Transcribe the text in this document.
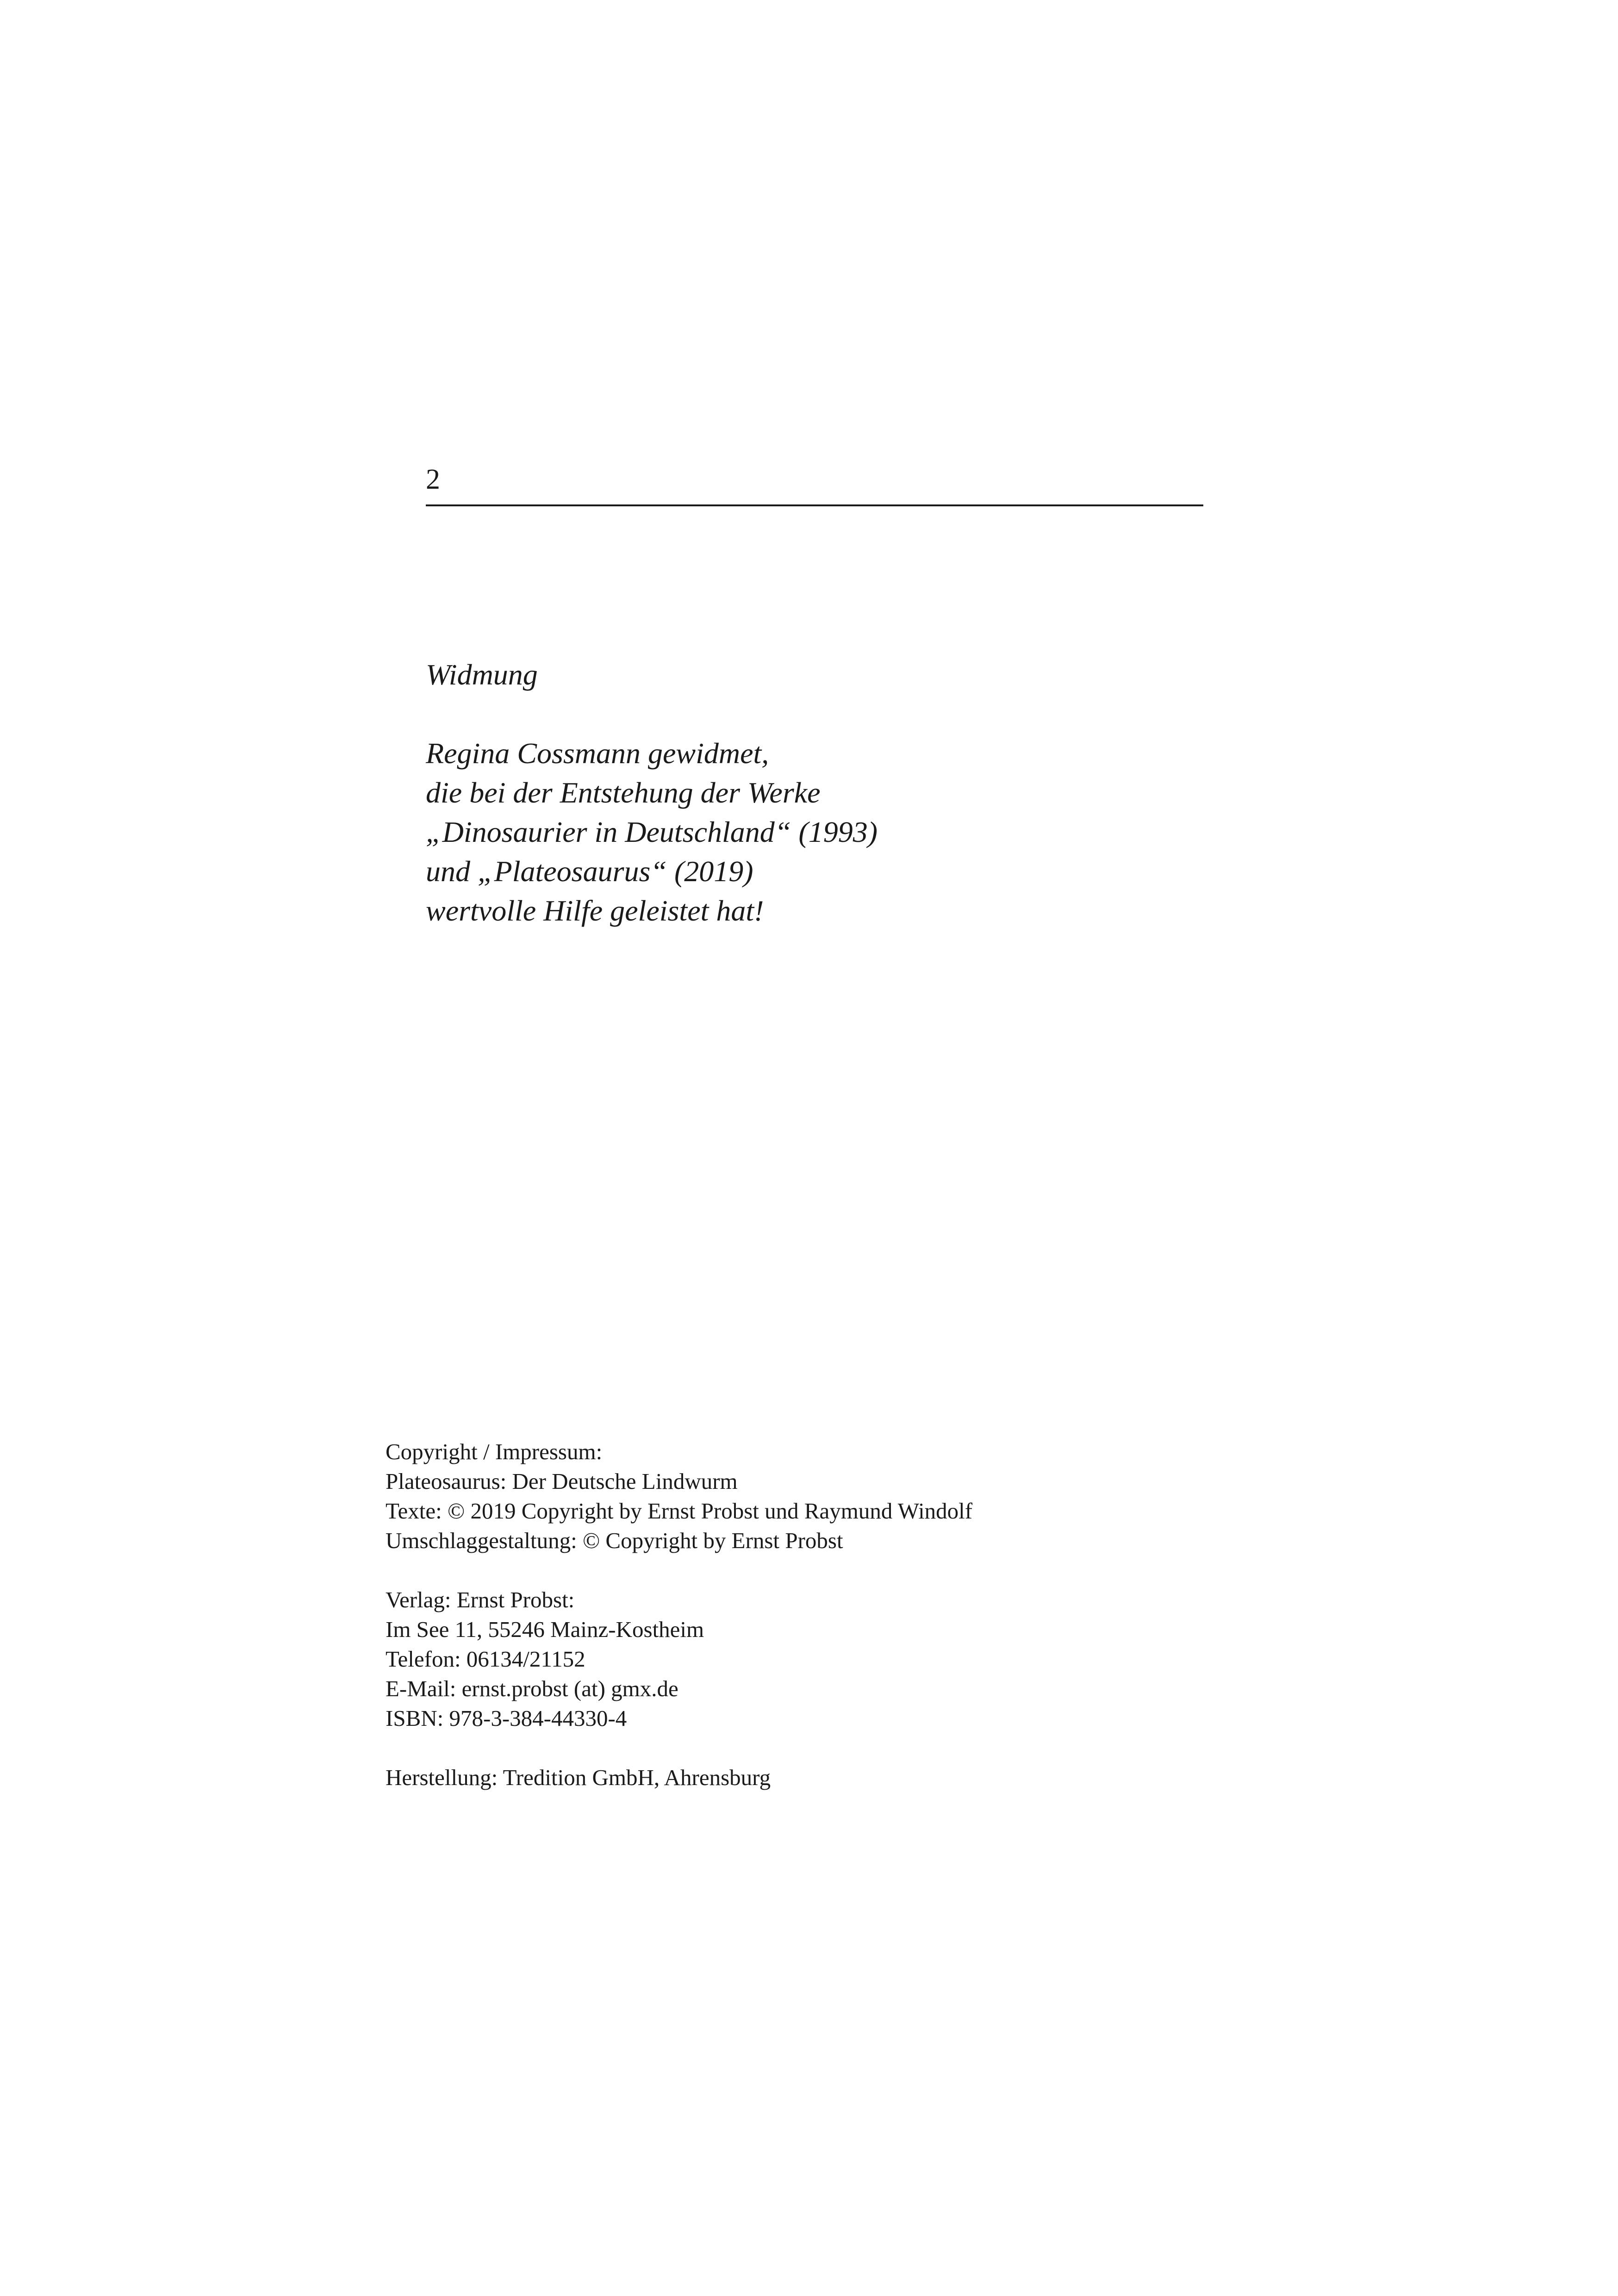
2
Widmung
Regina Cossmann gewidmet,
die bei der Entstehung der Werke
„Dinosaurier in Deutschland“ (1993)
und „Plateosaurus“ (2019)
wertvolle Hilfe geleistet hat!
Copyright / Impressum:
Plateosaurus: Der Deutsche Lindwurm
Texte: © 2019 Copyright by Ernst Probst und Raymund Windolf
Umschlaggestaltung: © Copyright by Ernst Probst
Verlag: Ernst Probst:
Im See 11, 55246 Mainz-Kostheim
Telefon: 06134/21152
E-Mail: ernst.probst (at) gmx.de
ISBN: 978-3-384-44330-4
Herstellung: Tredition GmbH, Ahrensburg
